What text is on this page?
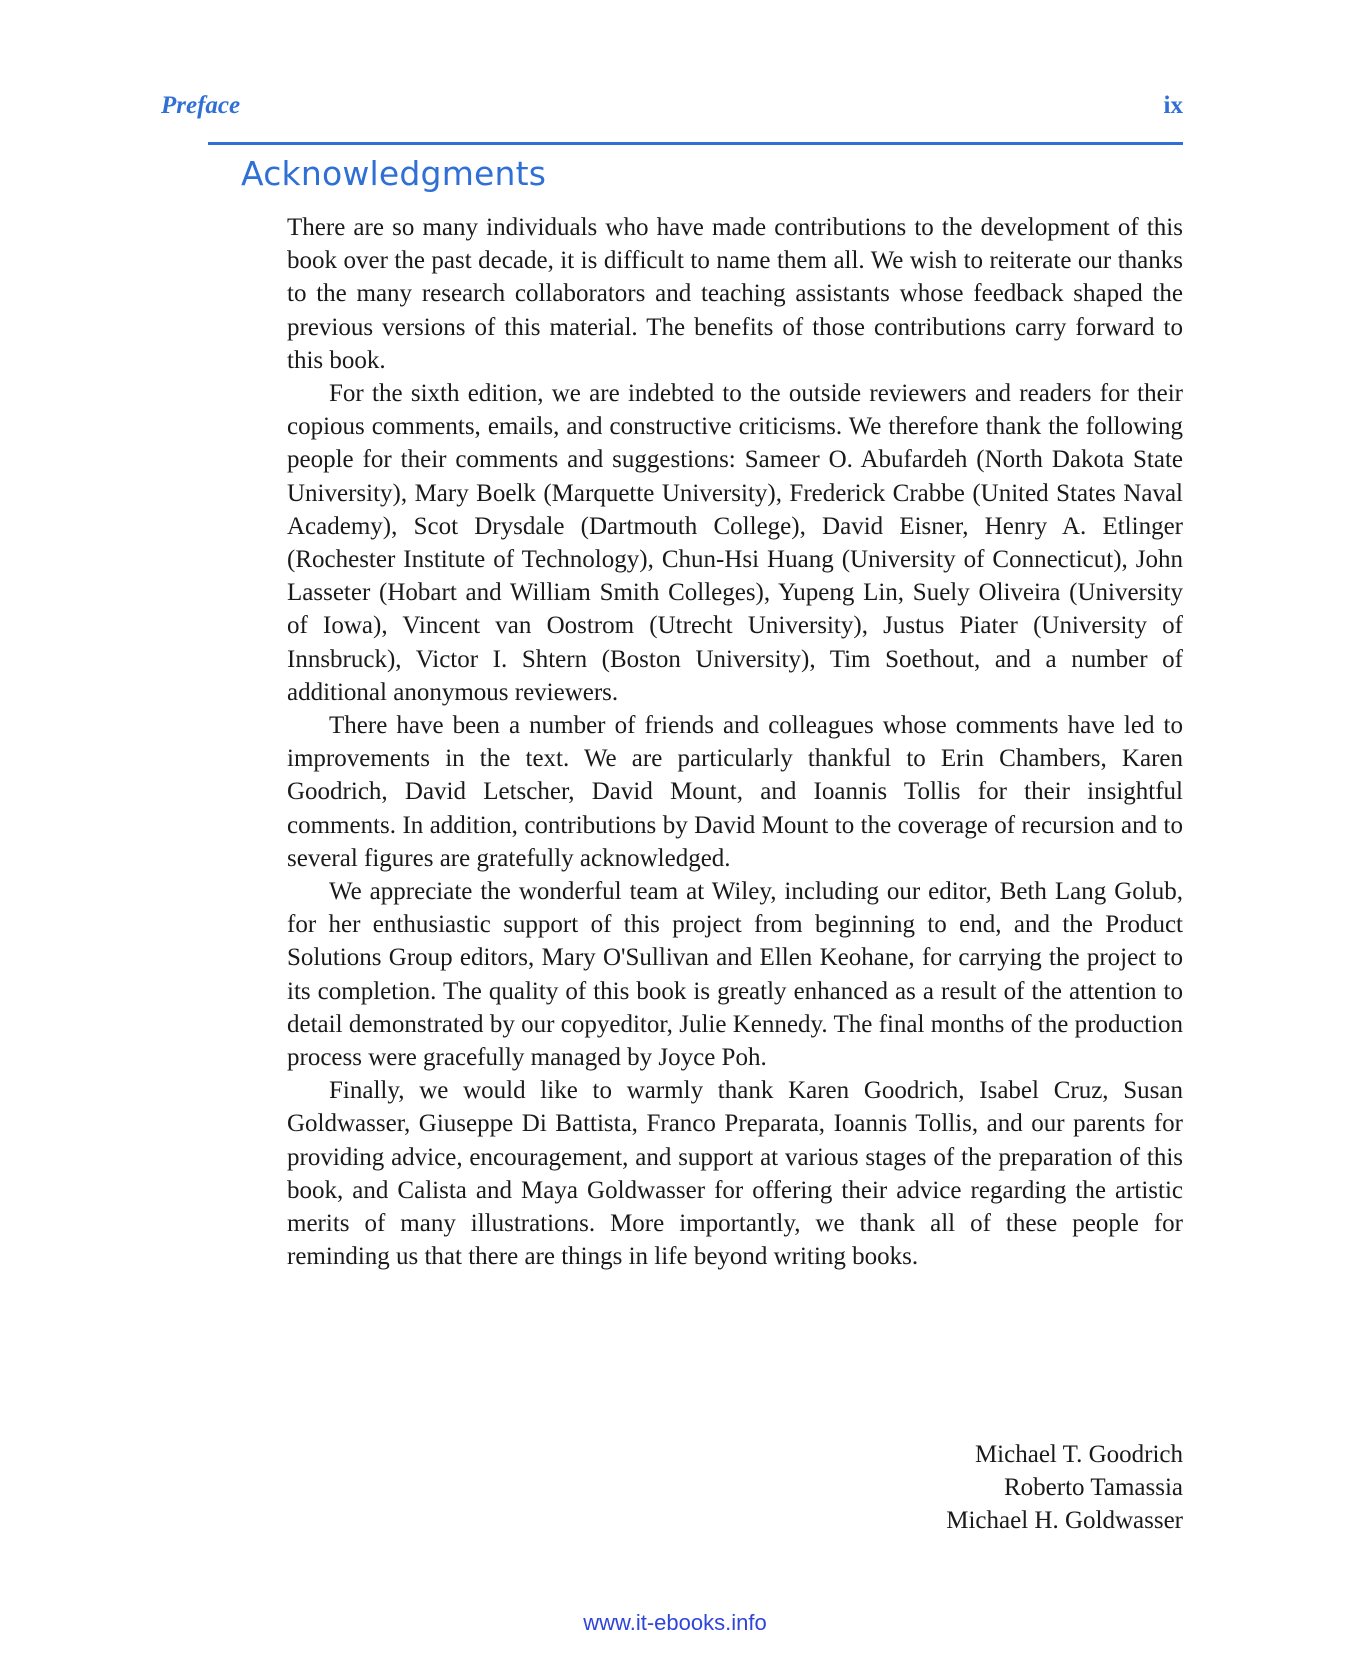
Preface	ix
Acknowledgments

There are so many individuals who have made contributions to the development of this book over the past decade, it is difficult to name them all. We wish to reiterate our thanks to the many research collaborators and teaching assistants whose feedback shaped the previous versions of this material. The benefits of those contributions carry forward to this book.

For the sixth edition, we are indebted to the outside reviewers and readers for their copious comments, emails, and constructive criticisms. We therefore thank the following people for their comments and suggestions: Sameer O. Abufardeh (North Dakota State University), Mary Boelk (Marquette University), Frederick Crabbe (United States Naval Academy), Scot Drysdale (Dartmouth College), David Eisner, Henry A. Etlinger (Rochester Institute of Technology), Chun-Hsi Huang (University of Connecticut), John Lasseter (Hobart and William Smith Colleges), Yupeng Lin, Suely Oliveira (University of Iowa), Vincent van Oostrom (Utrecht University), Justus Piater (University of Innsbruck), Victor I. Shtern (Boston University), Tim Soethout, and a number of additional anonymous reviewers.

There have been a number of friends and colleagues whose comments have led to improvements in the text. We are particularly thankful to Erin Chambers, Karen Goodrich, David Letscher, David Mount, and Ioannis Tollis for their insightful comments. In addition, contributions by David Mount to the coverage of recursion and to several figures are gratefully acknowledged.

We appreciate the wonderful team at Wiley, including our editor, Beth Lang Golub, for her enthusiastic support of this project from beginning to end, and the Product Solutions Group editors, Mary O'Sullivan and Ellen Keohane, for carrying the project to its completion. The quality of this book is greatly enhanced as a result of the attention to detail demonstrated by our copyeditor, Julie Kennedy. The final months of the production process were gracefully managed by Joyce Poh.

Finally, we would like to warmly thank Karen Goodrich, Isabel Cruz, Susan Goldwasser, Giuseppe Di Battista, Franco Preparata, Ioannis Tollis, and our parents for providing advice, encouragement, and support at various stages of the preparation of this book, and Calista and Maya Goldwasser for offering their advice regarding the artistic merits of many illustrations. More importantly, we thank all of these people for reminding us that there are things in life beyond writing books.

Michael T. Goodrich
Roberto Tamassia
Michael H. Goldwasser
www.it-ebooks.info
